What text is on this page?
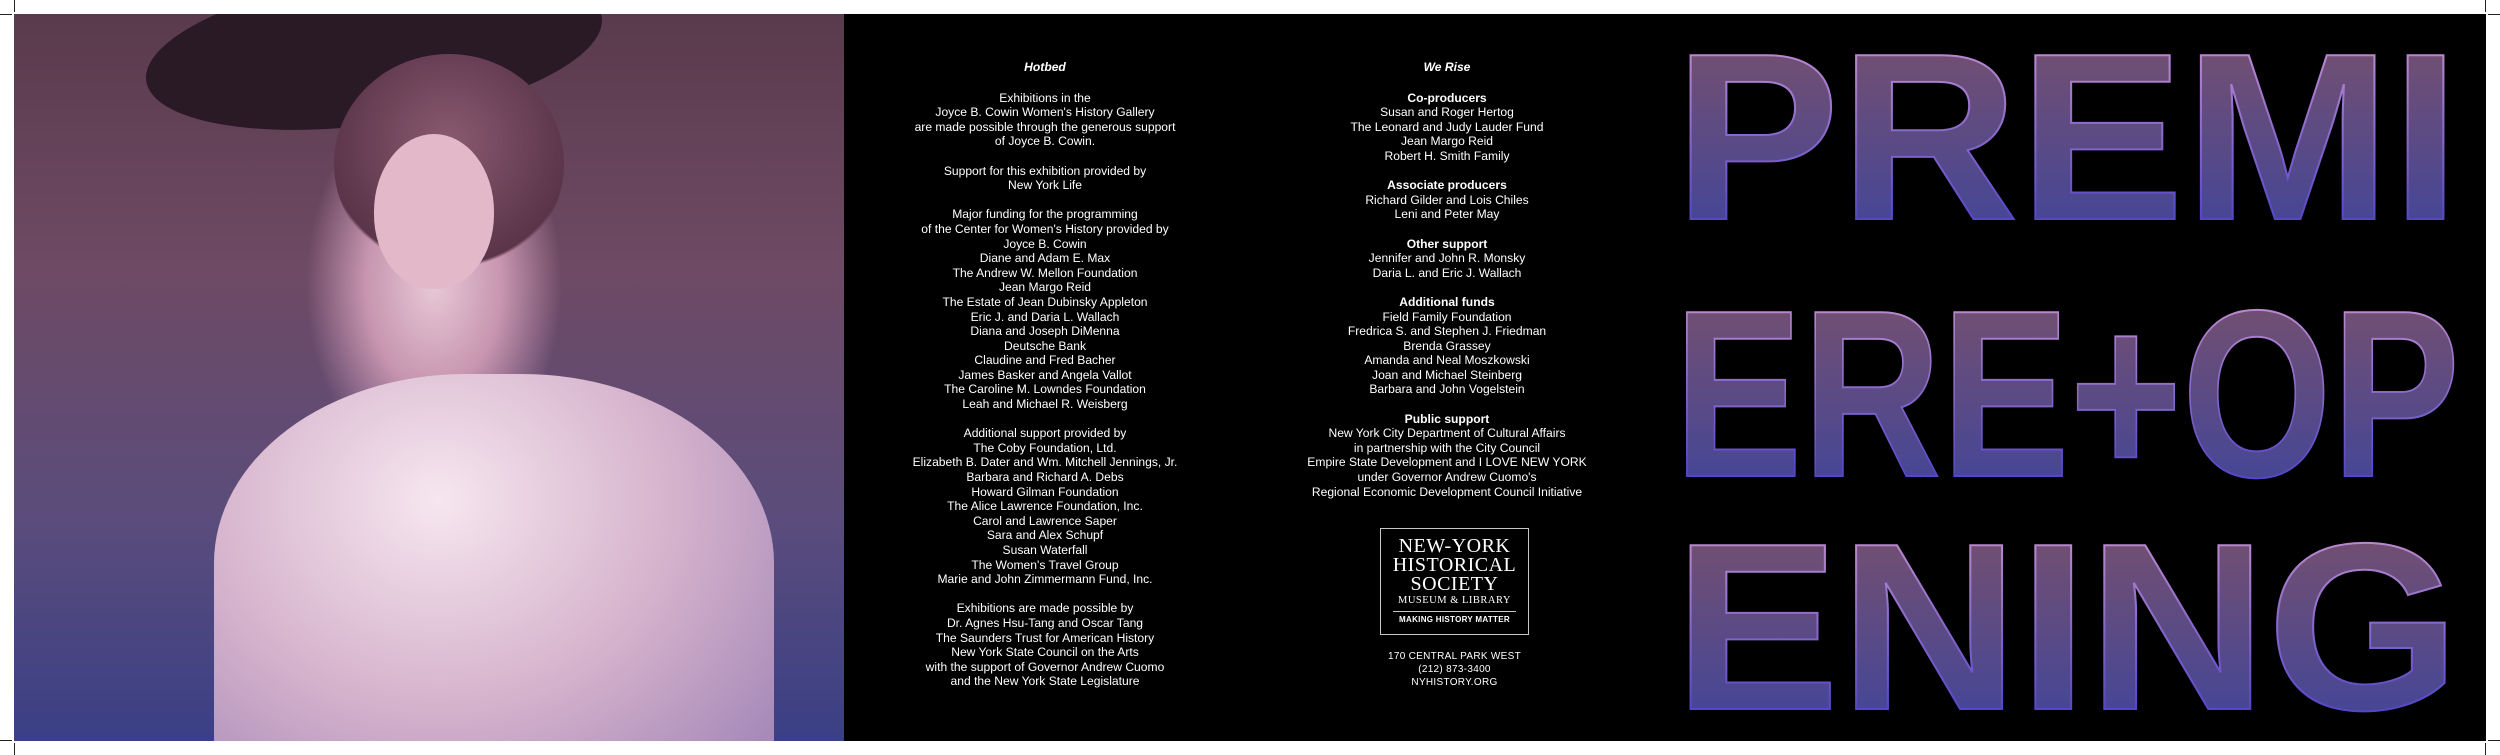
Hotbed
Exhibitions in the
Joyce B. Cowin Women's History Gallery
are made possible through the generous support
of Joyce B. Cowin.
Support for this exhibition provided by
New York Life
Major funding for the programming
of the Center for Women's History provided by
Joyce B. Cowin
Diane and Adam E. Max
The Andrew W. Mellon Foundation
Jean Margo Reid
The Estate of Jean Dubinsky Appleton
Eric J. and Daria L. Wallach
Diana and Joseph DiMenna
Deutsche Bank
Claudine and Fred Bacher
James Basker and Angela Vallot
The Caroline M. Lowndes Foundation
Leah and Michael R. Weisberg
Additional support provided by
The Coby Foundation, Ltd.
Elizabeth B. Dater and Wm. Mitchell Jennings, Jr.
Barbara and Richard A. Debs
Howard Gilman Foundation
The Alice Lawrence Foundation, Inc.
Carol and Lawrence Saper
Sara and Alex Schupf
Susan Waterfall
The Women's Travel Group
Marie and John Zimmermann Fund, Inc.
Exhibitions are made possible by
Dr. Agnes Hsu-Tang and Oscar Tang
The Saunders Trust for American History
New York State Council on the Arts
with the support of Governor Andrew Cuomo
and the New York State Legislature
We Rise
Co-producers
Susan and Roger Hertog
The Leonard and Judy Lauder Fund
Jean Margo Reid
Robert H. Smith Family
Associate producers
Richard Gilder and Lois Chiles
Leni and Peter May
Other support
Jennifer and John R. Monsky
Daria L. and Eric J. Wallach
Additional funds
Field Family Foundation
Fredrica S. and Stephen J. Friedman
Brenda Grassey
Amanda and Neal Moszkowski
Joan and Michael Steinberg
Barbara and John Vogelstein
Public support
New York City Department of Cultural Affairs
in partnership with the City Council
Empire State Development and I LOVE NEW YORK
under Governor Andrew Cuomo's
Regional Economic Development Council Initiative
NEW-YORK
HISTORICAL
SOCIETY
MUSEUM & LIBRARY
MAKING HISTORY MATTER
170 CENTRAL PARK WEST
(212) 873-3400
NYHISTORY.ORG
PREMI
ERE+OP
ENING
